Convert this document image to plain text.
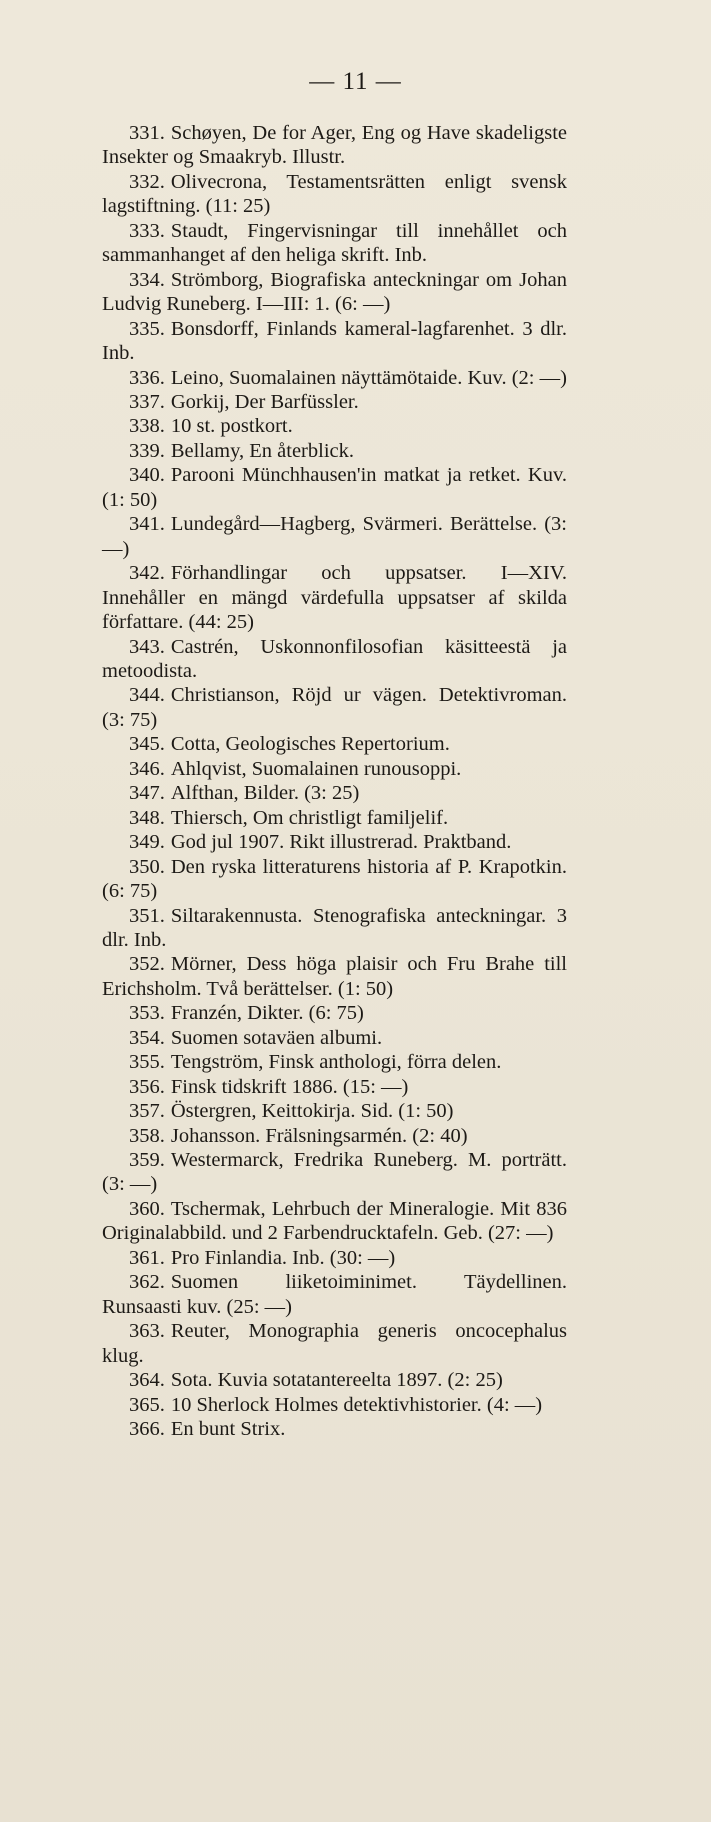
— 11 —

331. Schøyen, De for Ager, Eng og Have skadeligste Insekter og Smaakryb. Illustr.

332. Olivecrona, Testamentsrätten enligt svensk lagstiftning. (11: 25)

333. Staudt, Fingervisningar till innehållet och sammanhanget af den heliga skrift. Inb.

334. Strömborg, Biografiska anteckningar om Johan Ludvig Runeberg. I—III: 1. (6: —)

335. Bonsdorff, Finlands kameral-lagfarenhet. 3 dlr. Inb.

336. Leino, Suomalainen näyttämötaide. Kuv. (2: —)

337. Gorkij, Der Barfüssler.

338. 10 st. postkort.

339. Bellamy, En återblick.

340. Parooni Münchhausen'in matkat ja retket. Kuv. (1: 50)

341. Lundegård—Hagberg, Svärmeri. Berättelse. (3: —)

342. Förhandlingar och uppsatser. I—XIV. Innehåller en mängd värdefulla uppsatser af skilda författare. (44: 25)

343. Castrén, Uskonnonfilosofian käsitteestä ja metoodista.

344. Christianson, Röjd ur vägen. Detektivroman. (3: 75)

345. Cotta, Geologisches Repertorium.

346. Ahlqvist, Suomalainen runousoppi.

347. Alfthan, Bilder. (3: 25)

348. Thiersch, Om christligt familjelif.

349. God jul 1907. Rikt illustrerad. Praktband.

350. Den ryska litteraturens historia af P. Krapotkin. (6: 75)

351. Siltarakennusta. Stenografiska anteckningar. 3 dlr. Inb.

352. Mörner, Dess höga plaisir och Fru Brahe till Erichsholm. Två berättelser. (1: 50)

353. Franzén, Dikter. (6: 75)

354. Suomen sotaväen albumi.

355. Tengström, Finsk anthologi, förra delen.

356. Finsk tidskrift 1886. (15: —)

357. Östergren, Keittokirja. Sid. (1: 50)

358. Johansson. Frälsningsarmén. (2: 40)

359. Westermarck, Fredrika Runeberg. M. porträtt. (3: —)

360. Tschermak, Lehrbuch der Mineralogie. Mit 836 Originalabbild. und 2 Farbendrucktafeln. Geb. (27: —)

361. Pro Finlandia. Inb. (30: —)

362. Suomen liiketoiminimet. Täydellinen. Runsaasti kuv. (25: —)

363. Reuter, Monographia generis oncocephalus klug.

364. Sota. Kuvia sotatantereelta 1897. (2: 25)

365. 10 Sherlock Holmes detektivhistorier. (4: —)

366. En bunt Strix.
